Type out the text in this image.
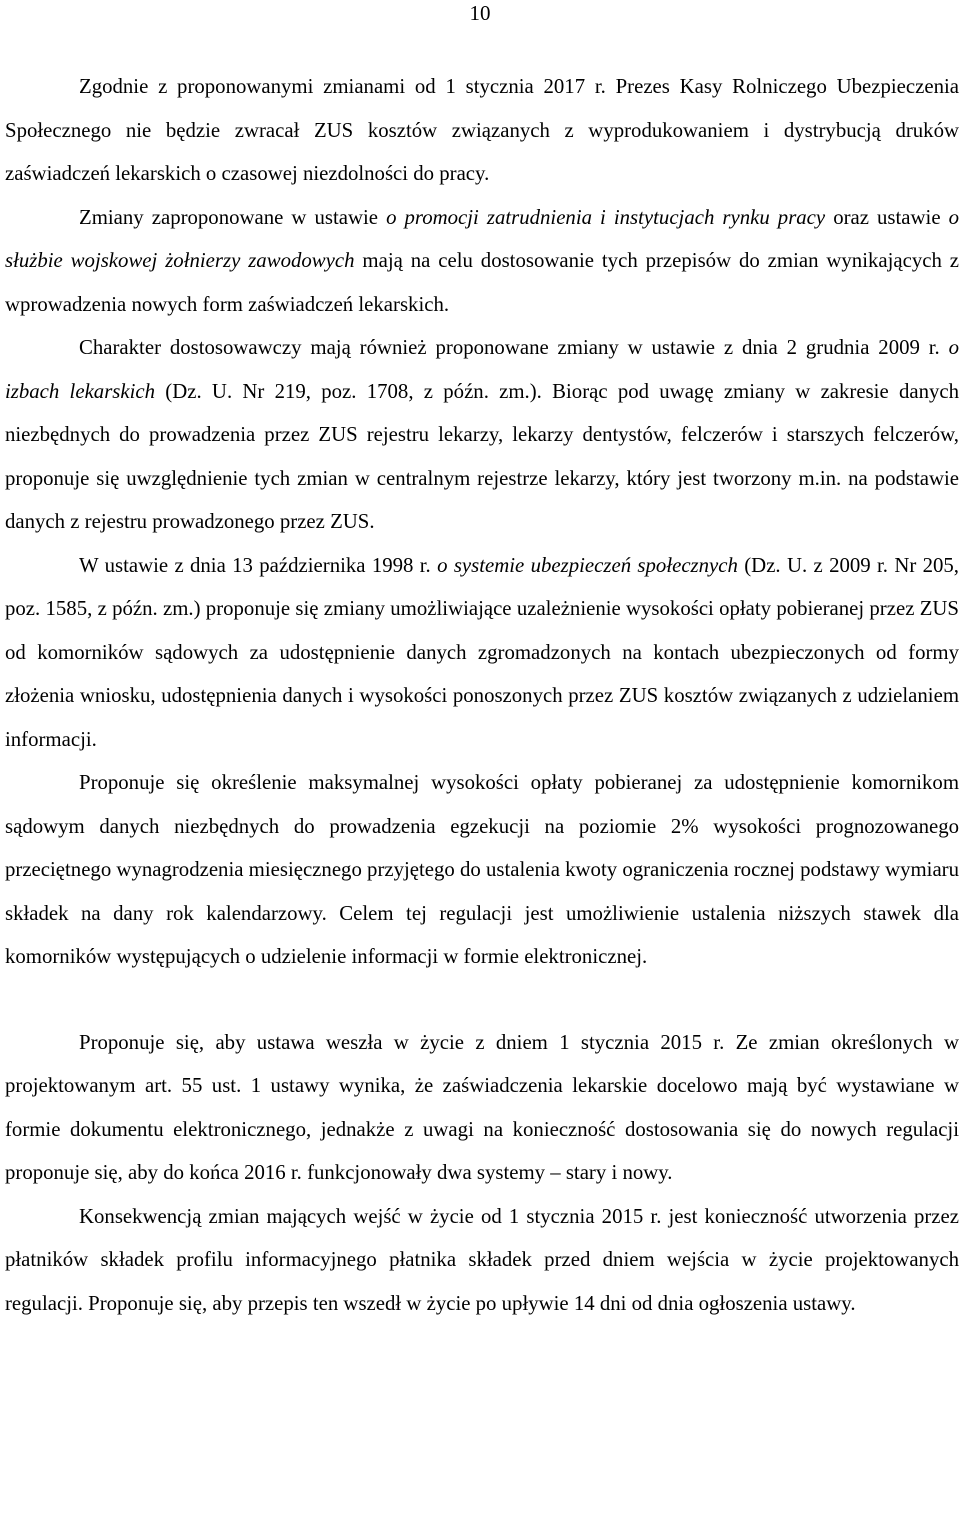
10

Zgodnie z proponowanymi zmianami od 1 stycznia 2017 r. Prezes Kasy Rolniczego Ubezpieczenia Społecznego nie będzie zwracał ZUS kosztów związanych z wyprodukowaniem i dystrybucją druków zaświadczeń lekarskich o czasowej niezdolności do pracy.

Zmiany zaproponowane w ustawie o promocji zatrudnienia i instytucjach rynku pracy oraz ustawie o służbie wojskowej żołnierzy zawodowych mają na celu dostosowanie tych przepisów do zmian wynikających z wprowadzenia nowych form zaświadczeń lekarskich.

Charakter dostosowawczy mają również proponowane zmiany w ustawie z dnia 2 grudnia 2009 r. o izbach lekarskich (Dz. U. Nr 219, poz. 1708, z późn. zm.). Biorąc pod uwagę zmiany w zakresie danych niezbędnych do prowadzenia przez ZUS rejestru lekarzy, lekarzy dentystów, felczerów i starszych felczerów, proponuje się uwzględnienie tych zmian w centralnym rejestrze lekarzy, który jest tworzony m.in. na podstawie danych z rejestru prowadzonego przez ZUS.

W ustawie z dnia 13 października 1998 r. o systemie ubezpieczeń społecznych (Dz. U. z 2009 r. Nr 205, poz. 1585, z późn. zm.) proponuje się zmiany umożliwiające uzależnienie wysokości opłaty pobieranej przez ZUS od komorników sądowych za udostępnienie danych zgromadzonych na kontach ubezpieczonych od formy złożenia wniosku, udostępnienia danych i wysokości ponoszonych przez ZUS kosztów związanych z udzielaniem informacji.

Proponuje się określenie maksymalnej wysokości opłaty pobieranej za udostępnienie komornikom sądowym danych niezbędnych do prowadzenia egzekucji na poziomie 2% wysokości prognozowanego przeciętnego wynagrodzenia miesięcznego przyjętego do ustalenia kwoty ograniczenia rocznej podstawy wymiaru składek na dany rok kalendarzowy. Celem tej regulacji jest umożliwienie ustalenia niższych stawek dla komorników występujących o udzielenie informacji w formie elektronicznej.

Proponuje się, aby ustawa weszła w życie z dniem 1 stycznia 2015 r. Ze zmian określonych w projektowanym art. 55 ust. 1 ustawy wynika, że zaświadczenia lekarskie docelowo mają być wystawiane w formie dokumentu elektronicznego, jednakże z uwagi na konieczność dostosowania się do nowych regulacji proponuje się, aby do końca 2016 r. funkcjonowały dwa systemy – stary i nowy.

Konsekwencją zmian mających wejść w życie od 1 stycznia 2015 r. jest konieczność utworzenia przez płatników składek profilu informacyjnego płatnika składek przed dniem wejścia w życie projektowanych regulacji. Proponuje się, aby przepis ten wszedł w życie po upływie 14 dni od dnia ogłoszenia ustawy.
